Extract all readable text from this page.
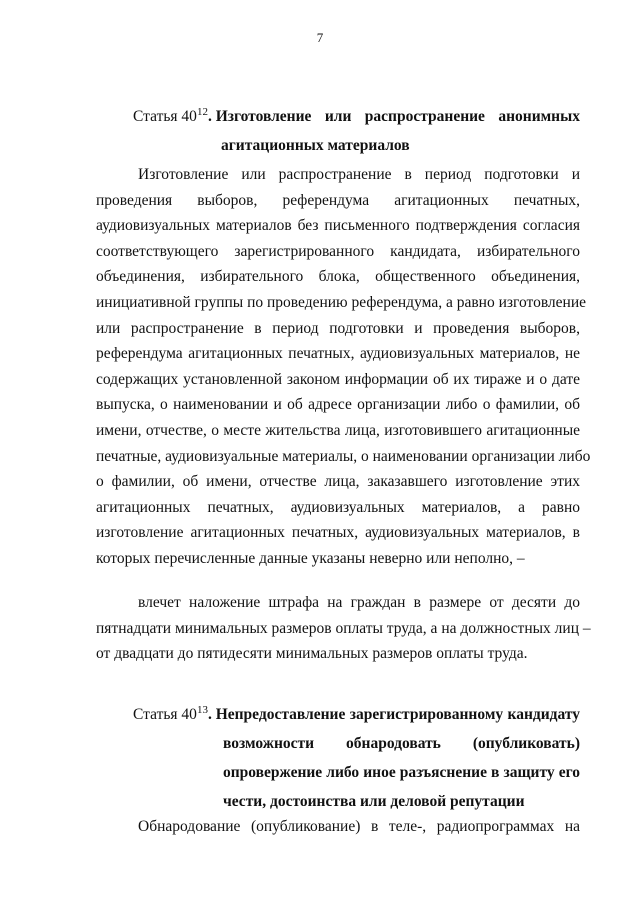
7
Статья $40^{12}$. Изготовление или распространение анонимных
агитационных материалов
Изготовление или распространение в период подготовки и
проведения выборов, референдума агитационных печатных,
аудиовизуальных материалов без письменного подтверждения согласия
соответствующего зарегистрированного кандидата, избирательного
объединения, избирательного блока, общественного объединения,
инициативной группы по проведению референдума, а равно изготовление
или распространение в период подготовки и проведения выборов,
референдума агитационных печатных, аудиовизуальных материалов, не
содержащих установленной законом информации об их тираже и о дате
выпуска, о наименовании и об адресе организации либо о фамилии, об
имени, отчестве, о месте жительства лица, изготовившего агитационные
печатные, аудиовизуальные материалы, о наименовании организации либо
о фамилии, об имени, отчестве лица, заказавшего изготовление этих
агитационных печатных, аудиовизуальных материалов, а равно
изготовление агитационных печатных, аудиовизуальных материалов, в
которых перечисленные данные указаны неверно или неполно, –
влечет наложение штрафа на граждан в размере от десяти до
пятнадцати минимальных размеров оплаты труда, а на должностных лиц –
от двадцати до пятидесяти минимальных размеров оплаты труда.
Статья $40^{13}$. Непредоставление зарегистрированному кандидату
возможности обнародовать (опубликовать)
опровержение либо иное разъяснение в защиту его
чести, достоинства или деловой репутации
Обнародование (опубликование) в теле-, радиопрограммах на
